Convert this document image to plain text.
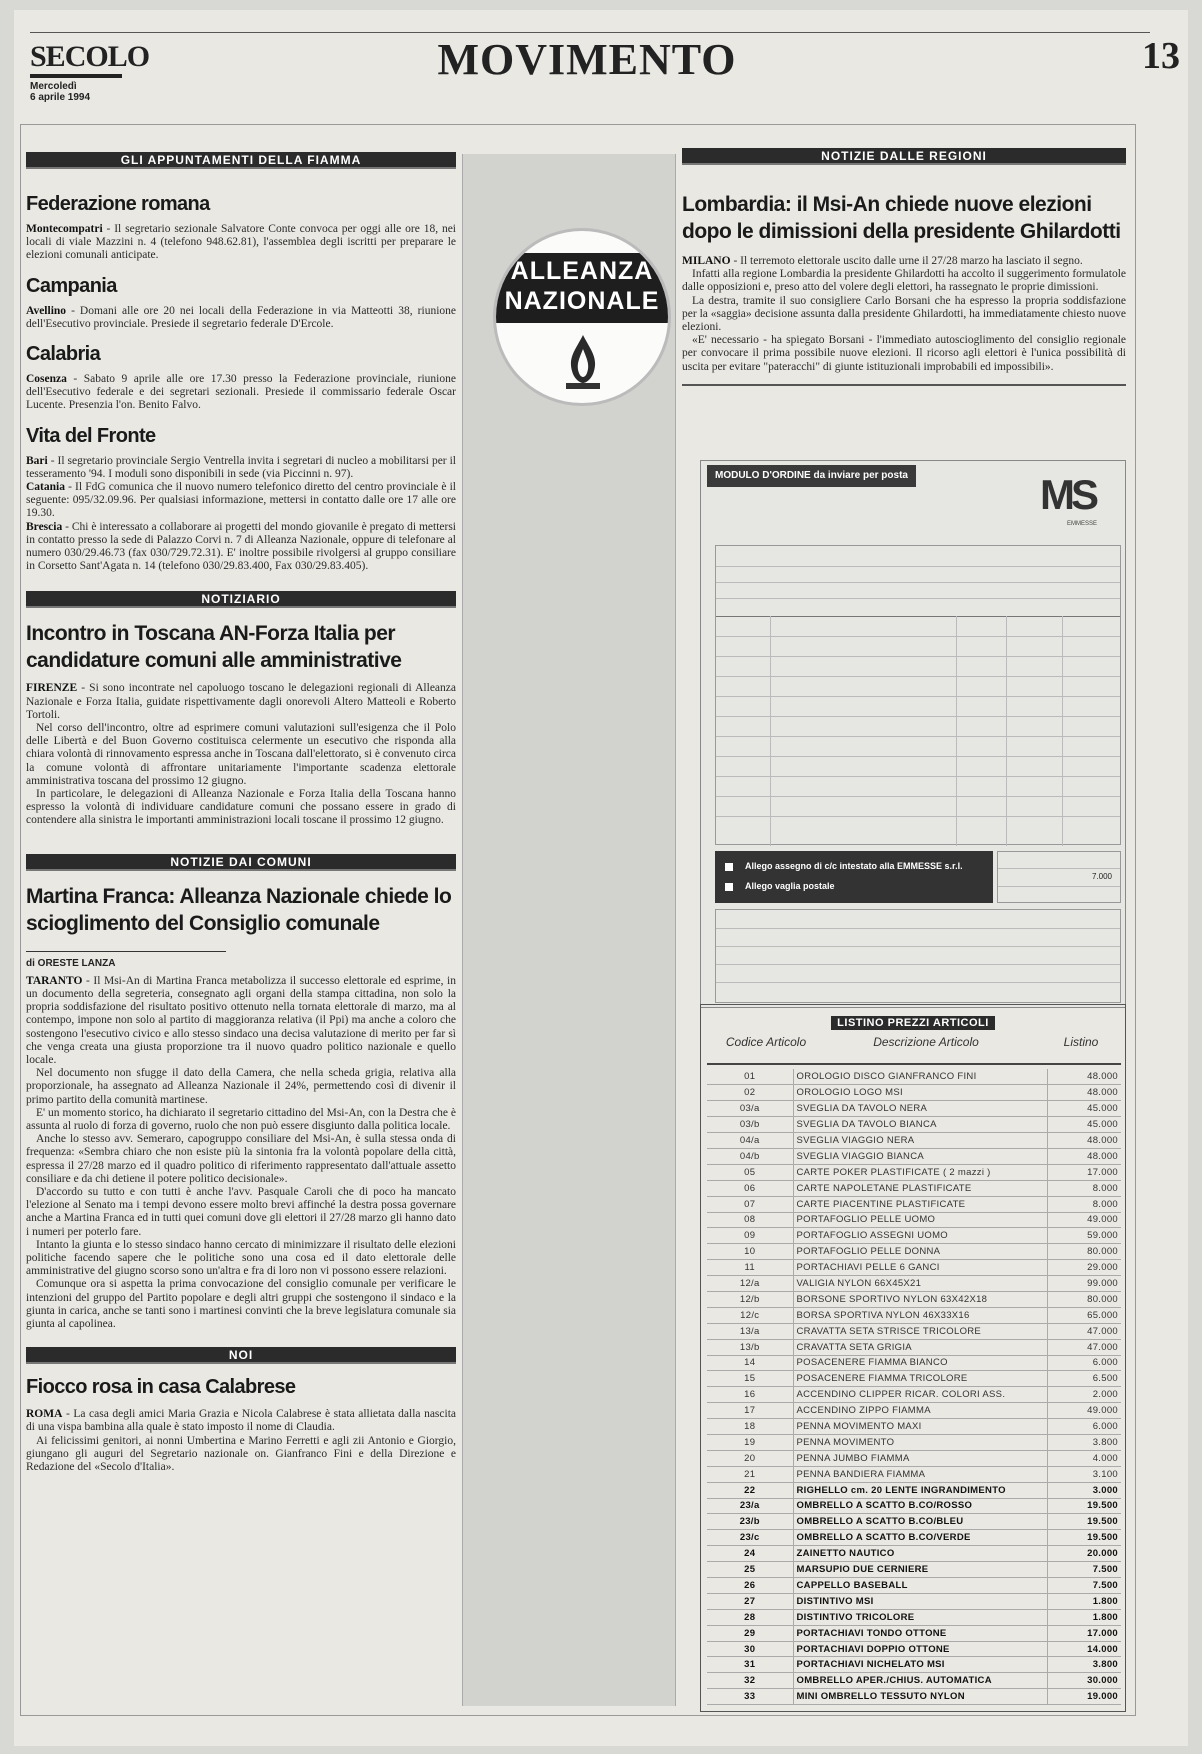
SECOLO
Mercoledì
6 aprile 1994
MOVIMENTO	13
GLI APPUNTAMENTI DELLA FIAMMA
Federazione romana

Montecompatri - Il segretario sezionale Salvatore Conte convoca per oggi alle ore 18, nei locali di viale Mazzini n. 4 (telefono 948.62.81), l'assemblea degli iscritti per preparare le elezioni comunali anticipate.

Campania

Avellino - Domani alle ore 20 nei locali della Federazione in via Matteotti 38, riunione dell'Esecutivo provinciale. Presiede il segretario federale D'Ercole.

Calabria

Cosenza - Sabato 9 aprile alle ore 17.30 presso la Federazione provinciale, riunione dell'Esecutivo federale e dei segretari sezionali. Presiede il commissario federale Oscar Lucente. Presenzia l'on. Benito Falvo.

Vita del Fronte

Bari - Il segretario provinciale Sergio Ventrella invita i segretari di nucleo a mobilitarsi per il tesseramento '94. I moduli sono disponibili in sede (via Piccinni n. 97).

Catania - Il FdG comunica che il nuovo numero telefonico diretto del centro provinciale è il seguente: 095/32.09.96. Per qualsiasi informazione, mettersi in contatto dalle ore 17 alle ore 19.30.

Brescia - Chi è interessato a collaborare ai progetti del mondo giovanile è pregato di mettersi in contatto presso la sede di Palazzo Corvi n. 7 di Alleanza Nazionale, oppure di telefonare al numero 030/29.46.73 (fax 030/729.72.31). E' inoltre possibile rivolgersi al gruppo consiliare in Corsetto Sant'Agata n. 14 (telefono 030/29.83.400, Fax 030/29.83.405).

NOTIZIARIO
Incontro in Toscana AN-Forza Italia per candidature comuni alle amministrative

FIRENZE - Si sono incontrate nel capoluogo toscano le delegazioni regionali di Alleanza Nazionale e Forza Italia, guidate rispettivamente dagli onorevoli Altero Matteoli e Roberto Tortoli.

Nel corso dell'incontro, oltre ad esprimere comuni valutazioni sull'esigenza che il Polo delle Libertà e del Buon Governo costituisca celermente un esecutivo che risponda alla chiara volontà di rinnovamento espressa anche in Toscana dall'elettorato, si è convenuto circa la comune volontà di affrontare unitariamente l'importante scadenza elettorale amministrativa toscana del prossimo 12 giugno.

In particolare, le delegazioni di Alleanza Nazionale e Forza Italia della Toscana hanno espresso la volontà di individuare candidature comuni che possano essere in grado di contendere alla sinistra le importanti amministrazioni locali toscane il prossimo 12 giugno.

NOTIZIE DAI COMUNI
Martina Franca: Alleanza Nazionale chiede lo scioglimento del Consiglio comunale
di ORESTE LANZA

TARANTO - Il Msi-An di Martina Franca metabolizza il successo elettorale ed esprime, in un documento della segreteria, consegnato agli organi della stampa cittadina, non solo la propria soddisfazione del risultato positivo ottenuto nella tornata elettorale di marzo, ma al contempo, impone non solo al partito di maggioranza relativa (il Ppi) ma anche a coloro che sostengono l'esecutivo civico e allo stesso sindaco una decisa valutazione di merito per far sì che venga creata una giusta proporzione tra il nuovo quadro politico nazionale e quello locale.

Nel documento non sfugge il dato della Camera, che nella scheda grigia, relativa alla proporzionale, ha assegnato ad Alleanza Nazionale il 24%, permettendo così di divenir il primo partito della comunità martinese.

E' un momento storico, ha dichiarato il segretario cittadino del Msi-An, con la Destra che è assunta al ruolo di forza di governo, ruolo che non può essere disgiunto dalla politica locale.

Anche lo stesso avv. Semeraro, capogruppo consiliare del Msi-An, è sulla stessa onda di frequenza: «Sembra chiaro che non esiste più la sintonia fra la volontà popolare della città, espressa il 27/28 marzo ed il quadro politico di riferimento rappresentato dall'attuale assetto consiliare e da chi detiene il potere politico decisionale».

D'accordo su tutto e con tutti è anche l'avv. Pasquale Caroli che di poco ha mancato l'elezione al Senato ma i tempi devono essere molto brevi affinché la destra possa governare anche a Martina Franca ed in tutti quei comuni dove gli elettori il 27/28 marzo gli hanno dato i numeri per poterlo fare.

Intanto la giunta e lo stesso sindaco hanno cercato di minimizzare il risultato delle elezioni politiche facendo sapere che le politiche sono una cosa ed il dato elettorale delle amministrative del giugno scorso sono un'altra e fra di loro non vi possono essere relazioni.

Comunque ora si aspetta la prima convocazione del consiglio comunale per verificare le intenzioni del gruppo del Partito popolare e degli altri gruppi che sostengono il sindaco e la giunta in carica, anche se tanti sono i martinesi convinti che la breve legislatura comunale sia giunta al capolinea.

NOI
Fiocco rosa in casa Calabrese

ROMA - La casa degli amici Maria Grazia e Nicola Calabrese è stata allietata dalla nascita di una vispa bambina alla quale è stato imposto il nome di Claudia.

Ai felicissimi genitori, ai nonni Umbertina e Marino Ferretti e agli zii Antonio e Giorgio, giungano gli auguri del Segretario nazionale on. Gianfranco Fini e della Direzione e Redazione del «Secolo d'Italia».

ALLEANZA
NAZIONALE
NOTIZIE DALLE REGIONI
Lombardia: il Msi-An chiede nuove elezioni dopo le dimissioni della presidente Ghilardotti

MILANO - Il terremoto elettorale uscito dalle urne il 27/28 marzo ha lasciato il segno.

Infatti alla regione Lombardia la presidente Ghilardotti ha accolto il suggerimento formulatole dalle opposizioni e, preso atto del volere degli elettori, ha rassegnato le proprie dimissioni.

La destra, tramite il suo consigliere Carlo Borsani che ha espresso la propria soddisfazione per la «saggia» decisione assunta dalla presidente Ghilardotti, ha immediatamente chiesto nuove elezioni.

«E' necessario - ha spiegato Borsani - l'immediato autoscioglimento del consiglio regionale per convocare il prima possibile nuove elezioni. Il ricorso agli elettori è l'unica possibilità di uscita per evitare "pateracchi" di giunte istituzionali improbabili ed impossibili».

MODULO D'ORDINE da inviare per posta	MS
EMMESSE
Allego assegno di c/c intestato alla EMMESSE s.r.l.
Allego vaglia postale
7.000
LISTINO PREZZI ARTICOLI
Codice Articolo	Descrizione Articolo	Listino
01	OROLOGIO DISCO GIANFRANCO FINI	48.000
02	OROLOGIO LOGO MSI	48.000
03/a	SVEGLIA DA TAVOLO NERA	45.000
03/b	SVEGLIA DA TAVOLO BIANCA	45.000
04/a	SVEGLIA VIAGGIO NERA	48.000
04/b	SVEGLIA VIAGGIO BIANCA	48.000
05	CARTE POKER PLASTIFICATE ( 2 mazzi )	17.000
06	CARTE NAPOLETANE PLASTIFICATE	8.000
07	CARTE PIACENTINE PLASTIFICATE	8.000
08	PORTAFOGLIO PELLE UOMO	49.000
09	PORTAFOGLIO ASSEGNI UOMO	59.000
10	PORTAFOGLIO PELLE DONNA	80.000
11	PORTACHIAVI PELLE 6 GANCI	29.000
12/a	VALIGIA NYLON 66X45X21	99.000
12/b	BORSONE SPORTIVO NYLON 63X42X18	80.000
12/c	BORSA SPORTIVA NYLON 46X33X16	65.000
13/a	CRAVATTA SETA STRISCE TRICOLORE	47.000
13/b	CRAVATTA SETA GRIGIA	47.000
14	POSACENERE FIAMMA BIANCO	6.000
15	POSACENERE FIAMMA TRICOLORE	6.500
16	ACCENDINO CLIPPER RICAR. COLORI ASS.	2.000
17	ACCENDINO ZIPPO FIAMMA	49.000
18	PENNA MOVIMENTO MAXI	6.000
19	PENNA MOVIMENTO	3.800
20	PENNA JUMBO FIAMMA	4.000
21	PENNA BANDIERA FIAMMA	3.100
22	RIGHELLO cm. 20 LENTE INGRANDIMENTO	3.000
23/a	OMBRELLO A SCATTO B.CO/ROSSO	19.500
23/b	OMBRELLO A SCATTO B.CO/BLEU	19.500
23/c	OMBRELLO A SCATTO B.CO/VERDE	19.500
24	ZAINETTO NAUTICO	20.000
25	MARSUPIO DUE CERNIERE	7.500
26	CAPPELLO BASEBALL	7.500
27	DISTINTIVO MSI	1.800
28	DISTINTIVO TRICOLORE	1.800
29	PORTACHIAVI TONDO OTTONE	17.000
30	PORTACHIAVI DOPPIO OTTONE	14.000
31	PORTACHIAVI NICHELATO MSI	3.800
32	OMBRELLO APER./CHIUS. AUTOMATICA	30.000
33	MINI OMBRELLO TESSUTO NYLON	19.000
